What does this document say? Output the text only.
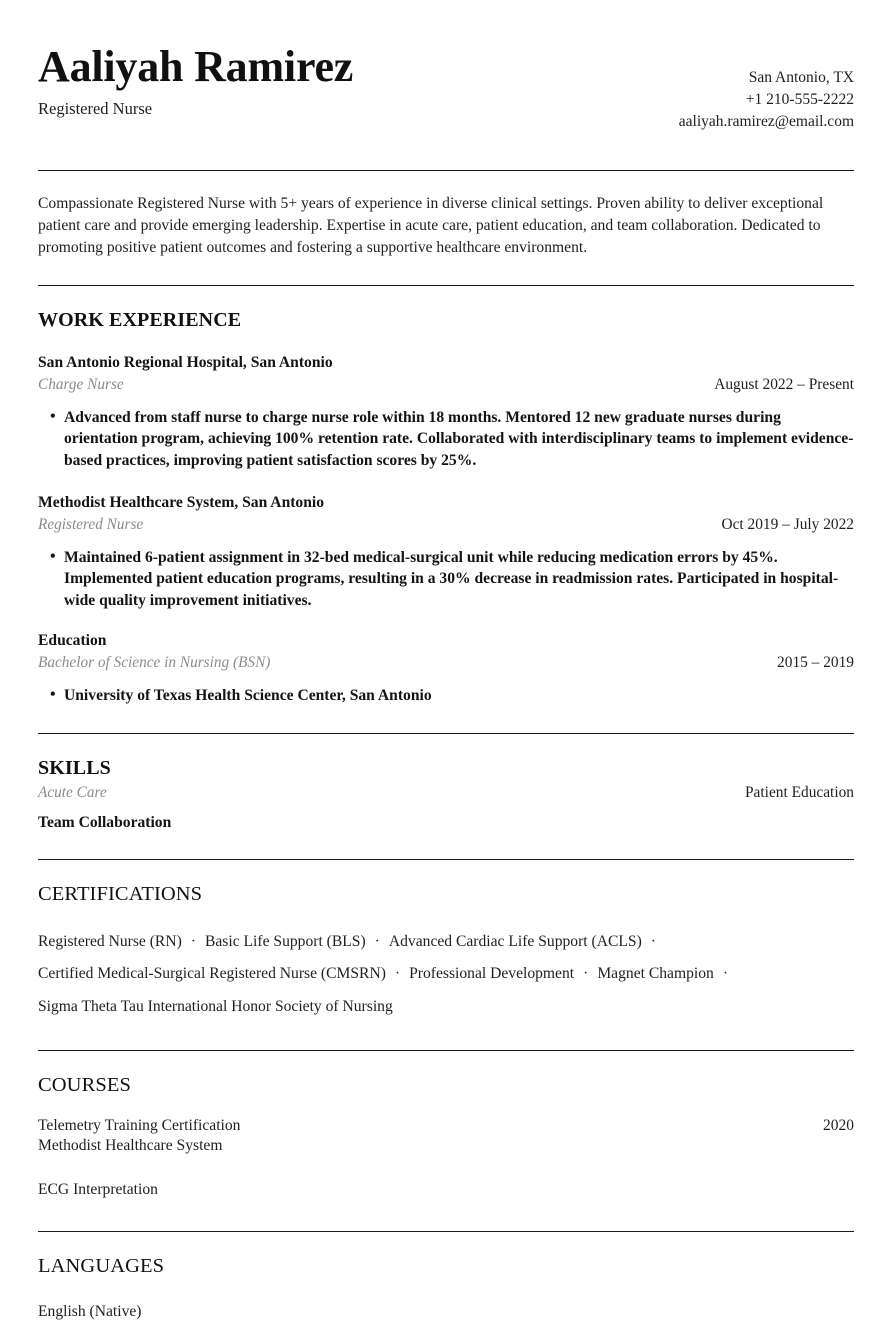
Aaliyah Ramirez
Registered Nurse
San Antonio, TX
+1 210-555-2222
aaliyah.ramirez@email.com
Compassionate Registered Nurse with 5+ years of experience in diverse clinical settings. Proven ability to deliver exceptional patient care and provide emerging leadership. Expertise in acute care, patient education, and team collaboration. Dedicated to promoting positive patient outcomes and fostering a supportive healthcare environment.
WORK EXPERIENCE
San Antonio Regional Hospital, San Antonio
Charge Nurse	August 2022 – Present
• Advanced from staff nurse to charge nurse role within 18 months. Mentored 12 new graduate nurses during orientation program, achieving 100% retention rate. Collaborated with interdisciplinary teams to implement evidence-based practices, improving patient satisfaction scores by 25%.
Methodist Healthcare System, San Antonio
Registered Nurse	Oct 2019 – July 2022
• Maintained 6-patient assignment in 32-bed medical-surgical unit while reducing medication errors by 45%. Implemented patient education programs, resulting in a 30% decrease in readmission rates. Participated in hospital-wide quality improvement initiatives.
Education
Bachelor of Science in Nursing (BSN)	2015 – 2019
• University of Texas Health Science Center, San Antonio
SKILLS
Acute Care	Patient Education
Team Collaboration
CERTIFICATIONS
Registered Nurse (RN) · Basic Life Support (BLS) · Advanced Cardiac Life Support (ACLS) ·Certified Medical-Surgical Registered Nurse (CMSRN) · Professional Development · Magnet Champion ·Sigma Theta Tau International Honor Society of Nursing
COURSES
Telemetry Training Certification	2020
Methodist Healthcare System
ECG Interpretation
LANGUAGES
English (Native)
